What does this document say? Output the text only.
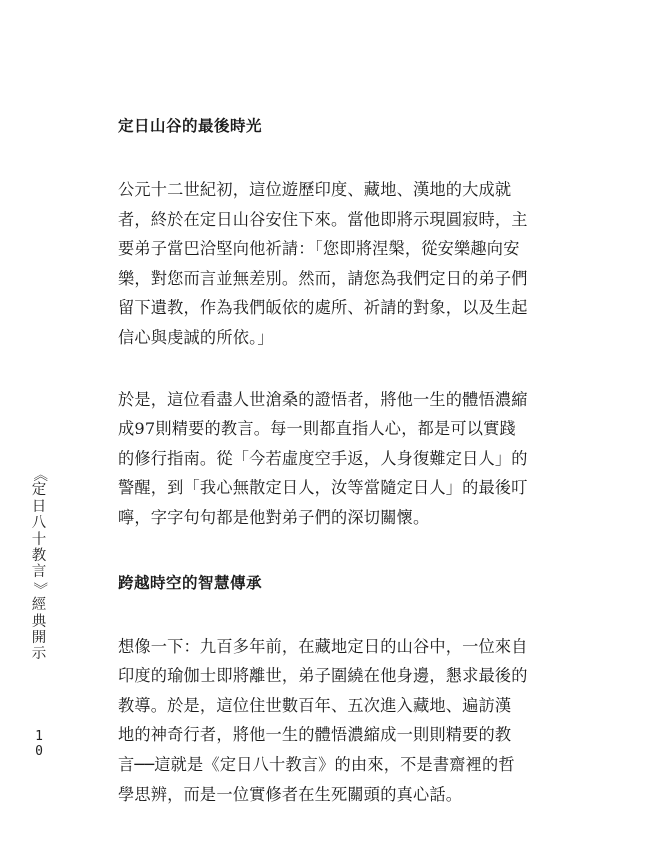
定日山谷的最後時光

公元十二世紀初，這位遊歷印度、藏地、漢地的大成就
者，終於在定日山谷安住下來。當他即將示現圓寂時，主
要弟子當巴洽堅向他祈請：「您即將涅槃，從安樂趣向安
樂，對您而言並無差別。然而，請您為我們定日的弟子們
留下遺教，作為我們皈依的處所、祈請的對象，以及生起
信心與虔誠的所依。」

於是，這位看盡人世滄桑的證悟者，將他一生的體悟濃縮
成97則精要的教言。每一則都直指人心，都是可以實踐
的修行指南。從「今若虛度空手返，人身復難定日人」的
警醒，到「我心無散定日人，汝等當隨定日人」的最後叮
嚀，字字句句都是他對弟子們的深切關懷。

跨越時空的智慧傳承

想像一下：九百多年前，在藏地定日的山谷中，一位來自
印度的瑜伽士即將離世，弟子圍繞在他身邊，懇求最後的
教導。於是，這位住世數百年、五次進入藏地、遍訪漢
地的神奇行者，將他一生的體悟濃縮成一則則精要的教
言──這就是《定日八十教言》的由來，不是書齋裡的哲
學思辨，而是一位實修者在生死關頭的真心話。

《
定
日
八
十
教
言
》
經
典
開
示
1
0
